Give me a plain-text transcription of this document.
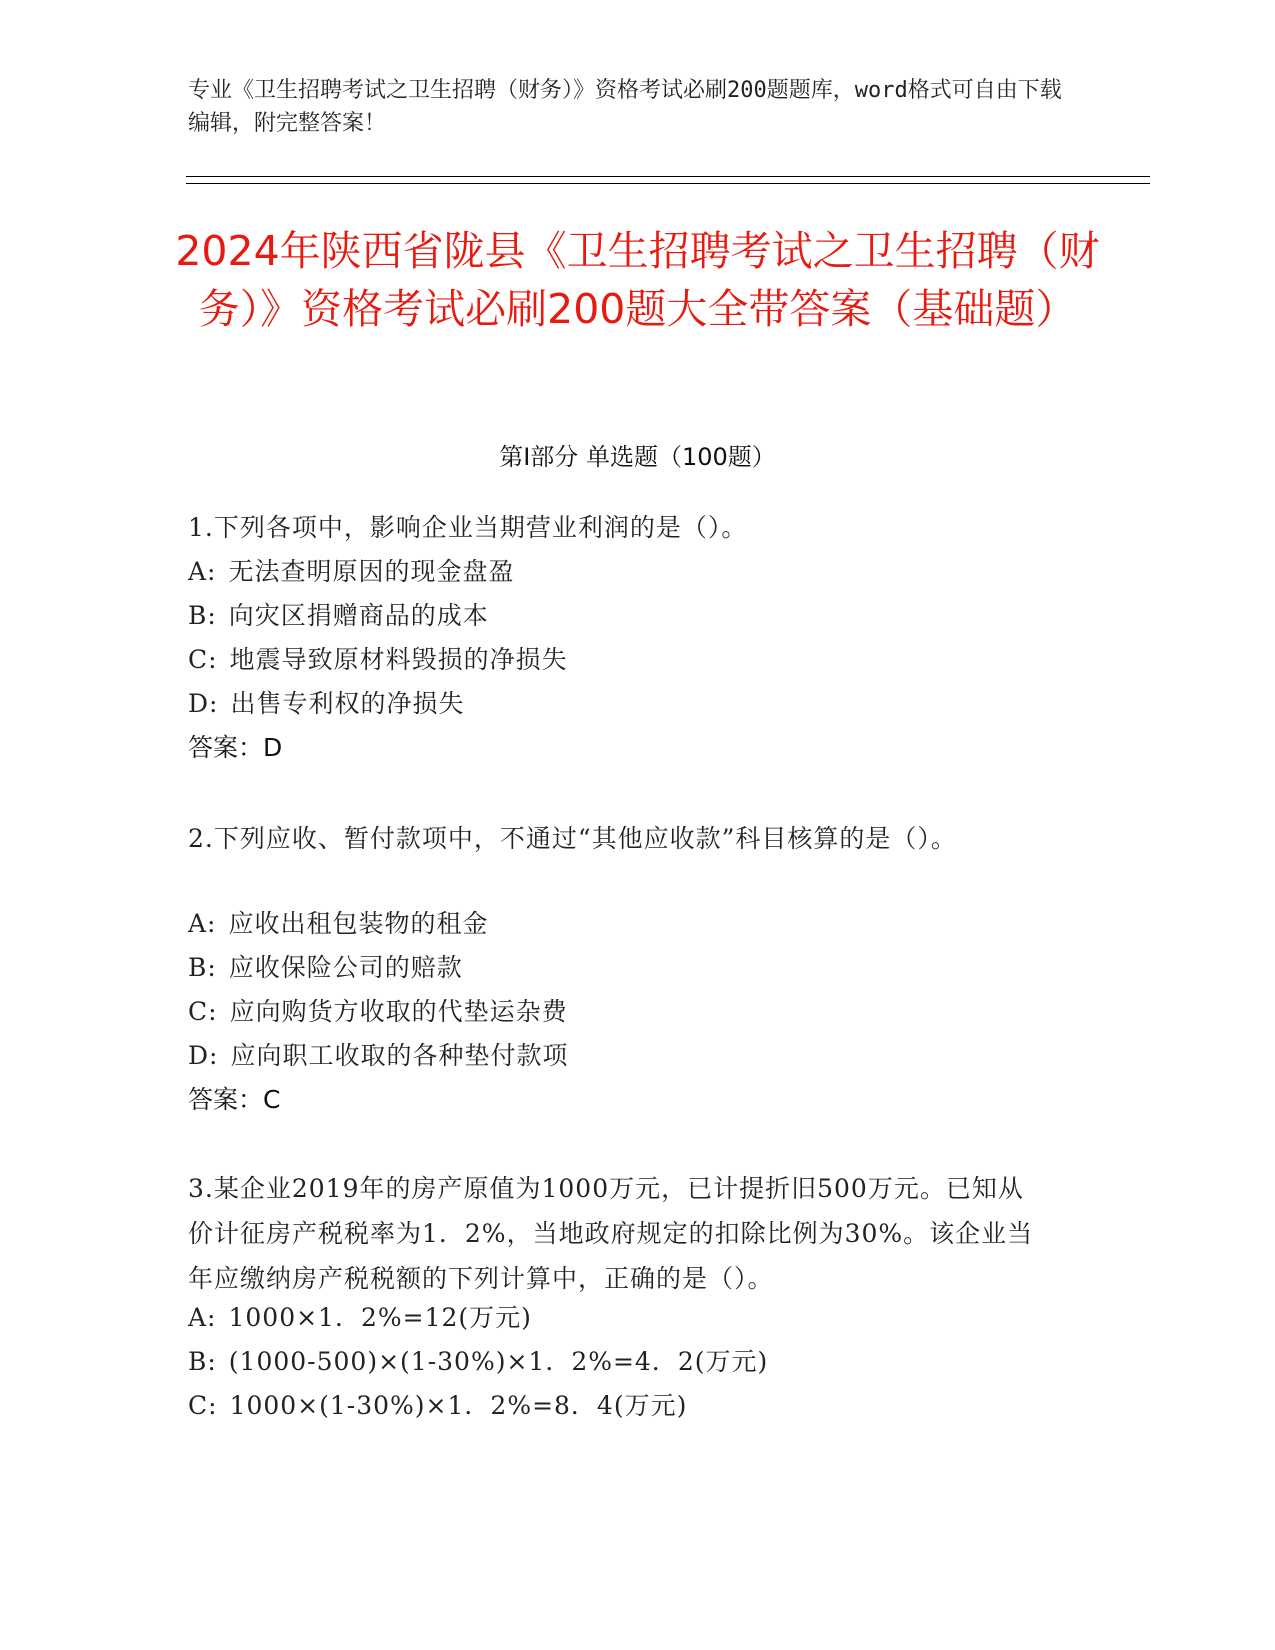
专业《卫生招聘考试之卫生招聘（财务）》资格考试必刷200题题库，word格式可自由下载编辑，附完整答案！
2024年陕西省陇县《卫生招聘考试之卫生招聘（财务）》资格考试必刷200题大全带答案（基础题）
第Ⅰ部分 单选题（100题）
1.下列各项中，影响企业当期营业利润的是（）。
A: 无法查明原因的现金盘盈
B: 向灾区捐赠商品的成本
C: 地震导致原材料毁损的净损失
D: 出售专利权的净损失
答案：D
2.下列应收、暂付款项中，不通过“其他应收款”科目核算的是（）。
A: 应收出租包装物的租金
B: 应收保险公司的赔款
C: 应向购货方收取的代垫运杂费
D: 应向职工收取的各种垫付款项
答案：C
3.某企业2019年的房产原值为1000万元，已计提折旧500万元。已知从价计征房产税税率为1．2%，当地政府规定的扣除比例为30%。该企业当年应缴纳房产税税额的下列计算中，正确的是（）。
A: 1000×1．2%=12(万元)
B: (1000-500)×(1-30%)×1．2%=4．2(万元)
C: 1000×(1-30%)×1．2%=8．4(万元)
